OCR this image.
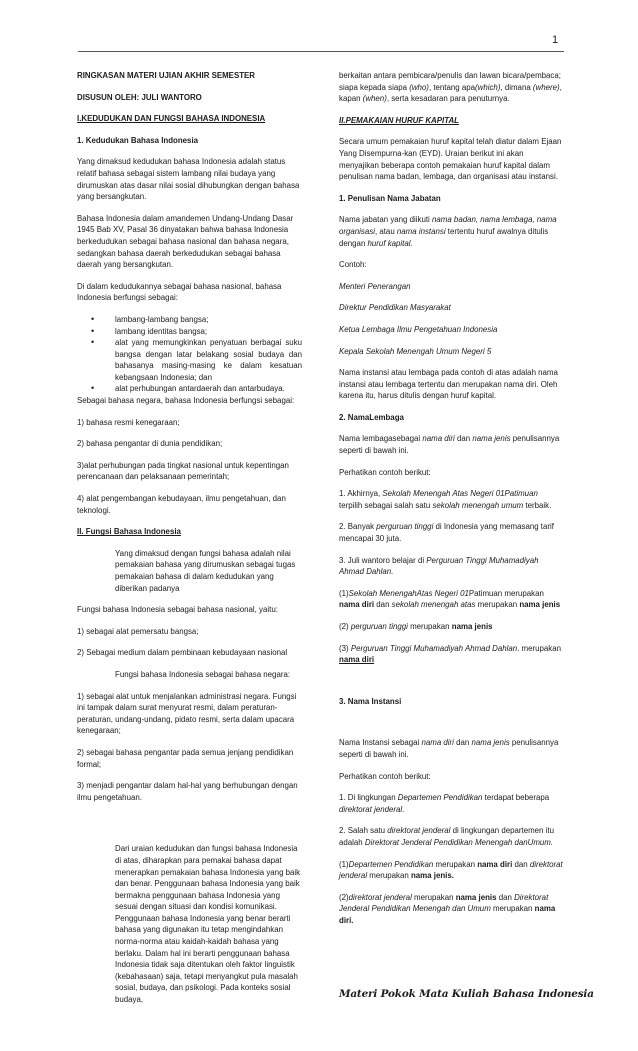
1

RINGKASAN MATERI UJIAN AKHIR SEMESTER

DISUSUN OLEH: JULI WANTORO

I.KEDUDUKAN DAN FUNGSI BAHASA INDONESIA

1. Kedudukan Bahasa Indonesia

Yang dimaksud kedudukan bahasa Indonesia adalah status relatif bahasa sebagai sistem lambang nilai budaya yang dirumuskan atas dasar nilai sosial dihubungkan dengan bahasa yang bersangkutan.

Bahasa Indonesia dalam amandemen Undang-Undang Dasar 1945 Bab XV, Pasal 36 dinyatakan bahwa bahasa Indonesia berkedudukan sebagai bahasa nasional dan bahasa negara, sedangkan bahasa daerah berkedudukan sebagai bahasa daerah yang bersangkutan.

Di dalam kedudukannya sebagai bahasa nasional, bahasa Indonesia berfungsi sebagai:

•	lambang-lambang bangsa;
•	lambang identitas bangsa;
•	alat yang memungkinkan penyatuan berbagai suku bangsa dengan latar belakang sosial budaya dan bahasanya masing-masing ke dalam kesatuan kebangsaan Indonesia; dan
•	alat perhubungan antardaerah dan antarbudaya.

Sebagai bahasa negara, bahasa Indonesia berfungsi sebagai:

1) bahasa resmi kenegaraan;

2) bahasa pengantar di dunia pendidikan;

3)alat perhubungan pada tingkat nasional untuk kepentingan perencanaan dan pelaksanaan pemerintah;

4) alat pengembangan kebudayaan, ilmu pengetahuan, dan teknologi.

II. Fungsi Bahasa Indonesia

Yang dimaksud dengan fungsi bahasa adalah nilai pemakaian bahasa yang dirumuskan sebagai tugas pemakaian bahasa di dalam kedudukan yang diberikan padanya

Fungsi bahasa Indonesia sebagai bahasa nasional, yaitu:

1) sebagai alat pemersatu bangsa;

2) Sebagai medium dalam pembinaan kebudayaan nasional

Fungsi bahasa Indonesia sebagai bahasa negara:

1) sebagai alat untuk menjalankan administrasi negara. Fungsi ini tampak dalam surat menyurat resmi, dalam peraturan-peraturan, undang-undang, pidato resmi, serta dalam upacara kenegaraan;

2) sebagai bahasa pengantar pada semua jenjang pendidikan formal;

3) menjadi pengantar dalam hal-hal yang berhubungan dengan ilmu pengetahuan.

Dari uraian kedudukan dan fungsi bahasa Indonesia di atas, diharapkan para pemakai bahasa dapat menerapkan pemakaian bahasa Indonesia yang baik dan benar. Penggunaan bahasa Indonesia yang baik bermakna penggunaan bahasa Indonesia yang sesuai dengan situasi dan kondisi komunikasi. Penggunaan bahasa Indonesia yang benar berarti bahasa yang digunakan itu tetap mengindahkan norma-norma atau kaidah-kaidah bahasa yang berlaku. Dalam hal ini berarti penggunaan bahasa Indonesia tidak saja ditentukan oleh faktor linguistik (kebahasaan) saja, tetapi menyangkut pula masalah sosial, budaya, dan psikologi. Pada konteks sosial budaya,

berkaitan antara pembicara/penulis dan lawan bicara/pembaca; siapa kepada siapa (who), tentang apa(which), dimana (where), kapan (when), serta kesadaran para penuturnya.

II.PEMAKAIAN HURUF KAPITAL

Secara umum pemakaian huruf kapital telah diatur dalam Ejaan Yang Disempurna-kan (EYD). Uraian berikut ini akan menyajikan beberapa contoh pemakaian huruf kapital dalam penulisan nama badan, lembaga, dan organisasi atau instansi.

1. Penulisan Nama Jabatan

Nama jabatan yang diikuti nama badan, nama lembaga, nama organisasi, atau nama instansi tertentu huruf awalnya ditulis dengan huruf kapital.

Contoh:

Menteri Penerangan

Direktur Pendidikan Masyarakat

Ketua Lembaga Ilmu Pengetahuan Indonesia

Kepala Sekolah Menengah Umum Negeri 5

Nama instansi atau lembaga pada contoh di atas adalah nama instansi atau lembaga tertentu dan merupakan nama diri. Oleh karena itu, harus ditulis dengan huruf kapital.

2. NamaLembaga

Nama lembagasebagai nama diri dan nama jenis penulisannya seperti di bawah ini.

Perhatikan contoh berikut:

1. Akhirnya, Sekolah Menengah Atas Negeri 01Patimuan terpilih sebagai salah satu sekolah menengah umum terbaik.

2. Banyak perguruan tinggi di Indonesia yang memasang tarif mencapai 30 juta.

3. Juli wantoro belajar di Perguruan Tinggi Muhamadiyah Ahmad Dahlan.

(1)Sekolah MenengahAtas Negeri 01Patimuan merupakan nama diri dan sekolah menengah atas merupakan nama jenis

(2) perguruan tinggi merupakan nama jenis

(3) Perguruan Tinggi Muhamadiyah Ahmad Dahlan. merupakan nama diri

3. Nama Instansi

Nama Instansi sebagai nama diri dan nama jenis penulisannya seperti di bawah ini.

Perhatikan contoh berikut:

1. Di lingkungan Departemen Pendidikan terdapat beberapa direktorat jenderal.

2. Salah satu direktorat jenderal di lingkungan departemen itu adalah Direktorat Jenderal Pendidikan Menengah danUmum.

(1)Departemen Pendidikan merupakan nama diri dan direktorat jenderal merupakan nama jenis.

(2)direktorat jenderal merupakan nama jenis dan Direktorat Jenderal Pendidikan Menengah dan Umum merupakan nama diri.

Materi Pokok Mata Kuliah Bahasa Indonesia
